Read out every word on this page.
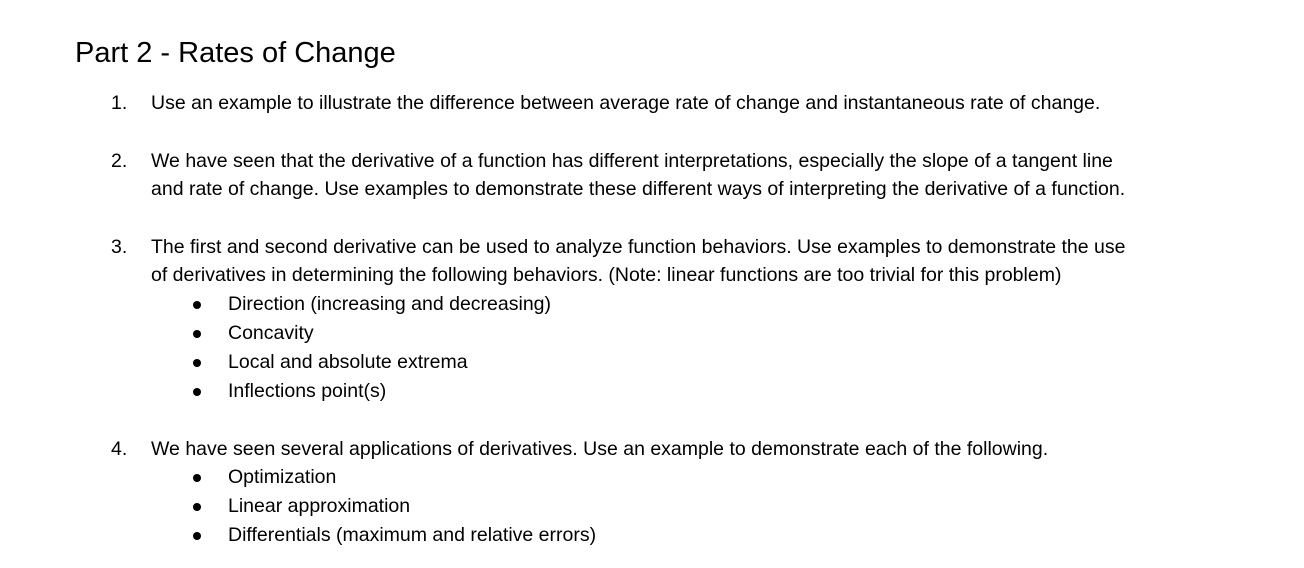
Part 2 - Rates of Change
1. Use an example to illustrate the difference between average rate of change and instantaneous rate of change.
2. We have seen that the derivative of a function has different interpretations, especially the slope of a tangent line
and rate of change. Use examples to demonstrate these different ways of interpreting the derivative of a function.
3. The first and second derivative can be used to analyze function behaviors. Use examples to demonstrate the use
of derivatives in determining the following behaviors. (Note: linear functions are too trivial for this problem)
Direction (increasing and decreasing)
Concavity
Local and absolute extrema
Inflections point(s)
4. We have seen several applications of derivatives. Use an example to demonstrate each of the following.
Optimization
Linear approximation
Differentials (maximum and relative errors)
